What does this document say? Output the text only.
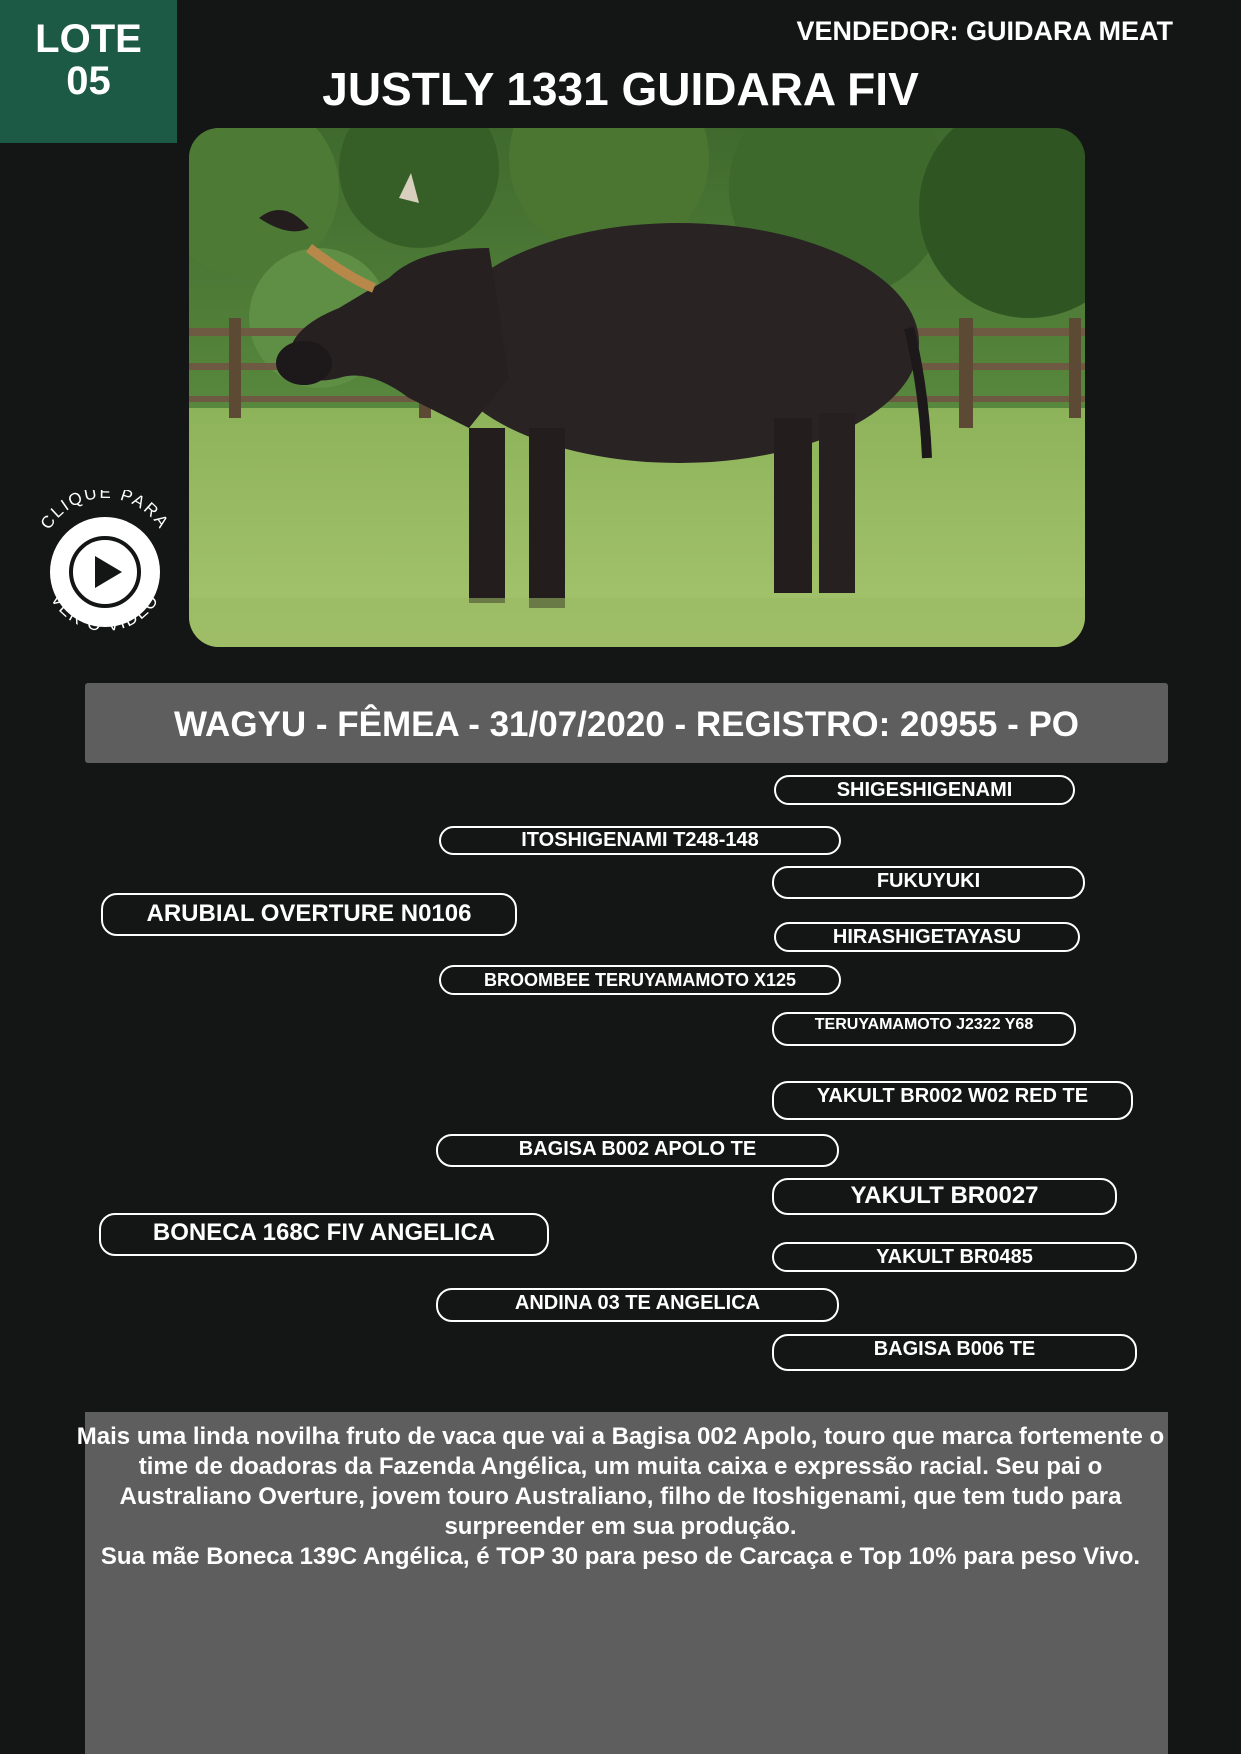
LOTE
05
VENDEDOR: GUIDARA MEAT
JUSTLY 1331 GUIDARA FIV
CLIQUE PARA
VER O VÍDEO
WAGYU - FÊMEA - 31/07/2020 - REGISTRO: 20955 - PO
ARUBIAL OVERTURE N0106
ITOSHIGENAMI T248-148
SHIGESHIGENAMI
FUKUYUKI
BROOMBEE TERUYAMAMOTO X125
HIRASHIGETAYASU
TERUYAMAMOTO J2322 Y68
BONECA 168C FIV ANGELICA
BAGISA B002 APOLO TE
YAKULT BR002 W02 RED TE
YAKULT BR0027
ANDINA 03 TE ANGELICA
YAKULT BR0485
BAGISA B006 TE

Mais uma linda novilha fruto de vaca que vai a Bagisa 002 Apolo, touro que marca fortemente o time de doadoras da Fazenda Angélica, um muita caixa e expressão racial. Seu pai o Australiano Overture, jovem touro Australiano, filho de Itoshigenami, que tem tudo para surpreender em sua produção.

Sua mãe Boneca 139C Angélica, é TOP 30 para peso de Carcaça e Top 10% para peso Vivo.
